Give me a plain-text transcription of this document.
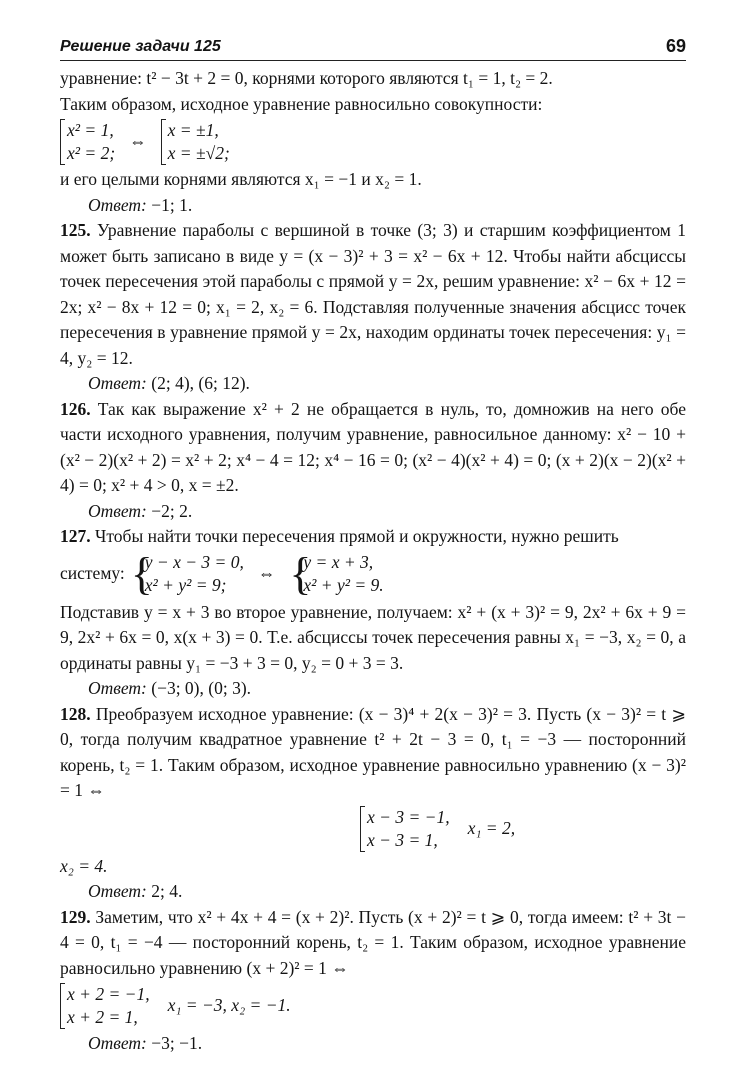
Решение задачи 125	69

уравнение: t² − 3t + 2 = 0, корнями которого являются t₁ = 1, t₂ = 2.

Таким образом, исходное уравнение равносильно совокупности:

x² = 1,
x² = 2;
⇔
x = ±1,
x = ±√2;

и его целыми корнями являются x₁ = −1 и x₂ = 1.

Ответ: −1; 1.

125. Уравнение параболы с вершиной в точке (3; 3) и старшим коэффициентом 1 может быть записано в виде y = (x − 3)² + 3 = x² − 6x + 12. Чтобы найти абсциссы точек пересечения этой параболы с прямой y = 2x, решим уравнение: x² − 6x + 12 = 2x; x² − 8x + 12 = 0; x₁ = 2, x₂ = 6. Подставляя полученные значения абсцисс точек пересечения в уравнение прямой y = 2x, находим ординаты точек пересечения: y₁ = 4, y₂ = 12.

Ответ: (2; 4), (6; 12).

126. Так как выражение x² + 2 не обращается в нуль, то, домножив на него обе части исходного уравнения, получим уравнение, равносильное данному: x² − 10 + (x² − 2)(x² + 2) = x² + 2; x⁴ − 4 = 12; x⁴ − 16 = 0; (x² − 4)(x² + 4) = 0; (x + 2)(x − 2)(x² + 4) = 0; x² + 4 > 0, x = ±2.

Ответ: −2; 2.

127. Чтобы найти точки пересечения прямой и окружности, нужно решить

систему: {
y − x − 3 = 0,
x² + y² = 9;
⇔ {
y = x + 3,
x² + y² = 9.

Подставив y = x + 3 во второе уравнение, получаем: x² + (x + 3)² = 9, 2x² + 6x + 9 = 9, 2x² + 6x = 0, x(x + 3) = 0. Т.е. абсциссы точек пересечения равны x₁ = −3, x₂ = 0, а ординаты равны y₁ = −3 + 3 = 0, y₂ = 0 + 3 = 3.

Ответ: (−3; 0), (0; 3).

128. Преобразуем исходное уравнение: (x − 3)⁴ + 2(x − 3)² = 3. Пусть (x − 3)² = t ⩾ 0, тогда получим квадратное уравнение t² + 2t − 3 = 0, t₁ = −3 — посторонний корень, t₂ = 1. Таким образом, исходное уравнение равносильно уравнению (x − 3)² = 1 ⇔

x − 3 = −1,
x − 3 = 1,
x₁ = 2,

x₂ = 4.

Ответ: 2; 4.

129. Заметим, что x² + 4x + 4 = (x + 2)². Пусть (x + 2)² = t ⩾ 0, тогда имеем: t² + 3t − 4 = 0, t₁ = −4 — посторонний корень, t₂ = 1. Таким образом, исходное уравнение равносильно уравнению (x + 2)² = 1 ⇔

x + 2 = −1,
x + 2 = 1,
x₁ = −3, x₂ = −1.

Ответ: −3; −1.
